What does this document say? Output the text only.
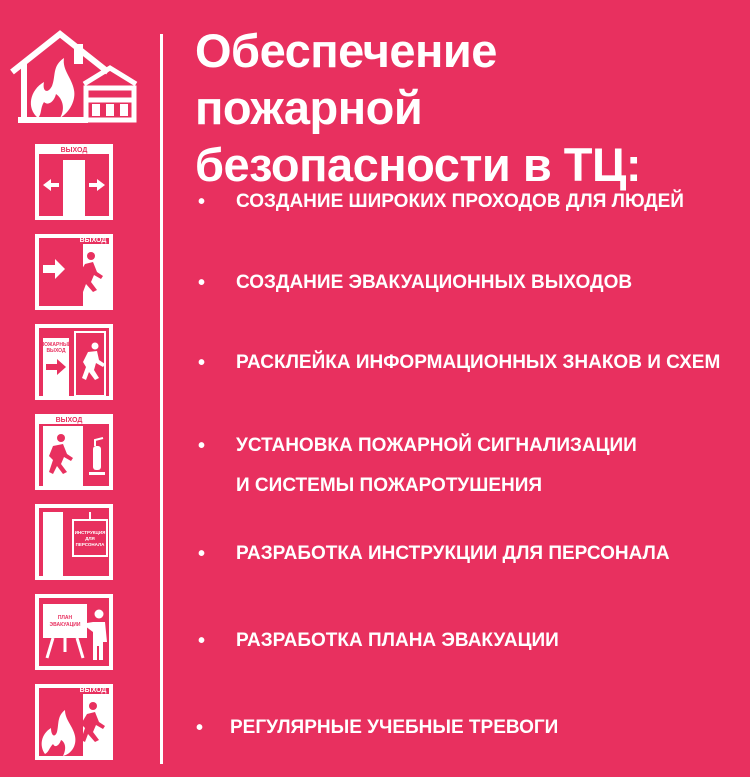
ВЫХОД
ВЫХОД
ПОЖАРНЫЙ
ВЫХОД
ВЫХОД
ИНСТРУКЦИЯ
ДЛЯ
ПЕРСОНАЛА
ПЛАН
ЭВАКУАЦИИ
ВЫХОД
Обеспечение пожарной
безопасности в ТЦ:
• СОЗДАНИЕ ШИРОКИХ ПРОХОДОВ ДЛЯ ЛЮДЕЙ
• СОЗДАНИЕ ЭВАКУАЦИОННЫХ ВЫХОДОВ
• РАСКЛЕЙКА ИНФОРМАЦИОННЫХ ЗНАКОВ И СХЕМ
• УСТАНОВКА ПОЖАРНОЙ СИГНАЛИЗАЦИИ
И СИСТЕМЫ ПОЖАРОТУШЕНИЯ
• РАЗРАБОТКА ИНСТРУКЦИИ ДЛЯ ПЕРСОНАЛА
• РАЗРАБОТКА ПЛАНА ЭВАКУАЦИИ
• РЕГУЛЯРНЫЕ УЧЕБНЫЕ ТРЕВОГИ
